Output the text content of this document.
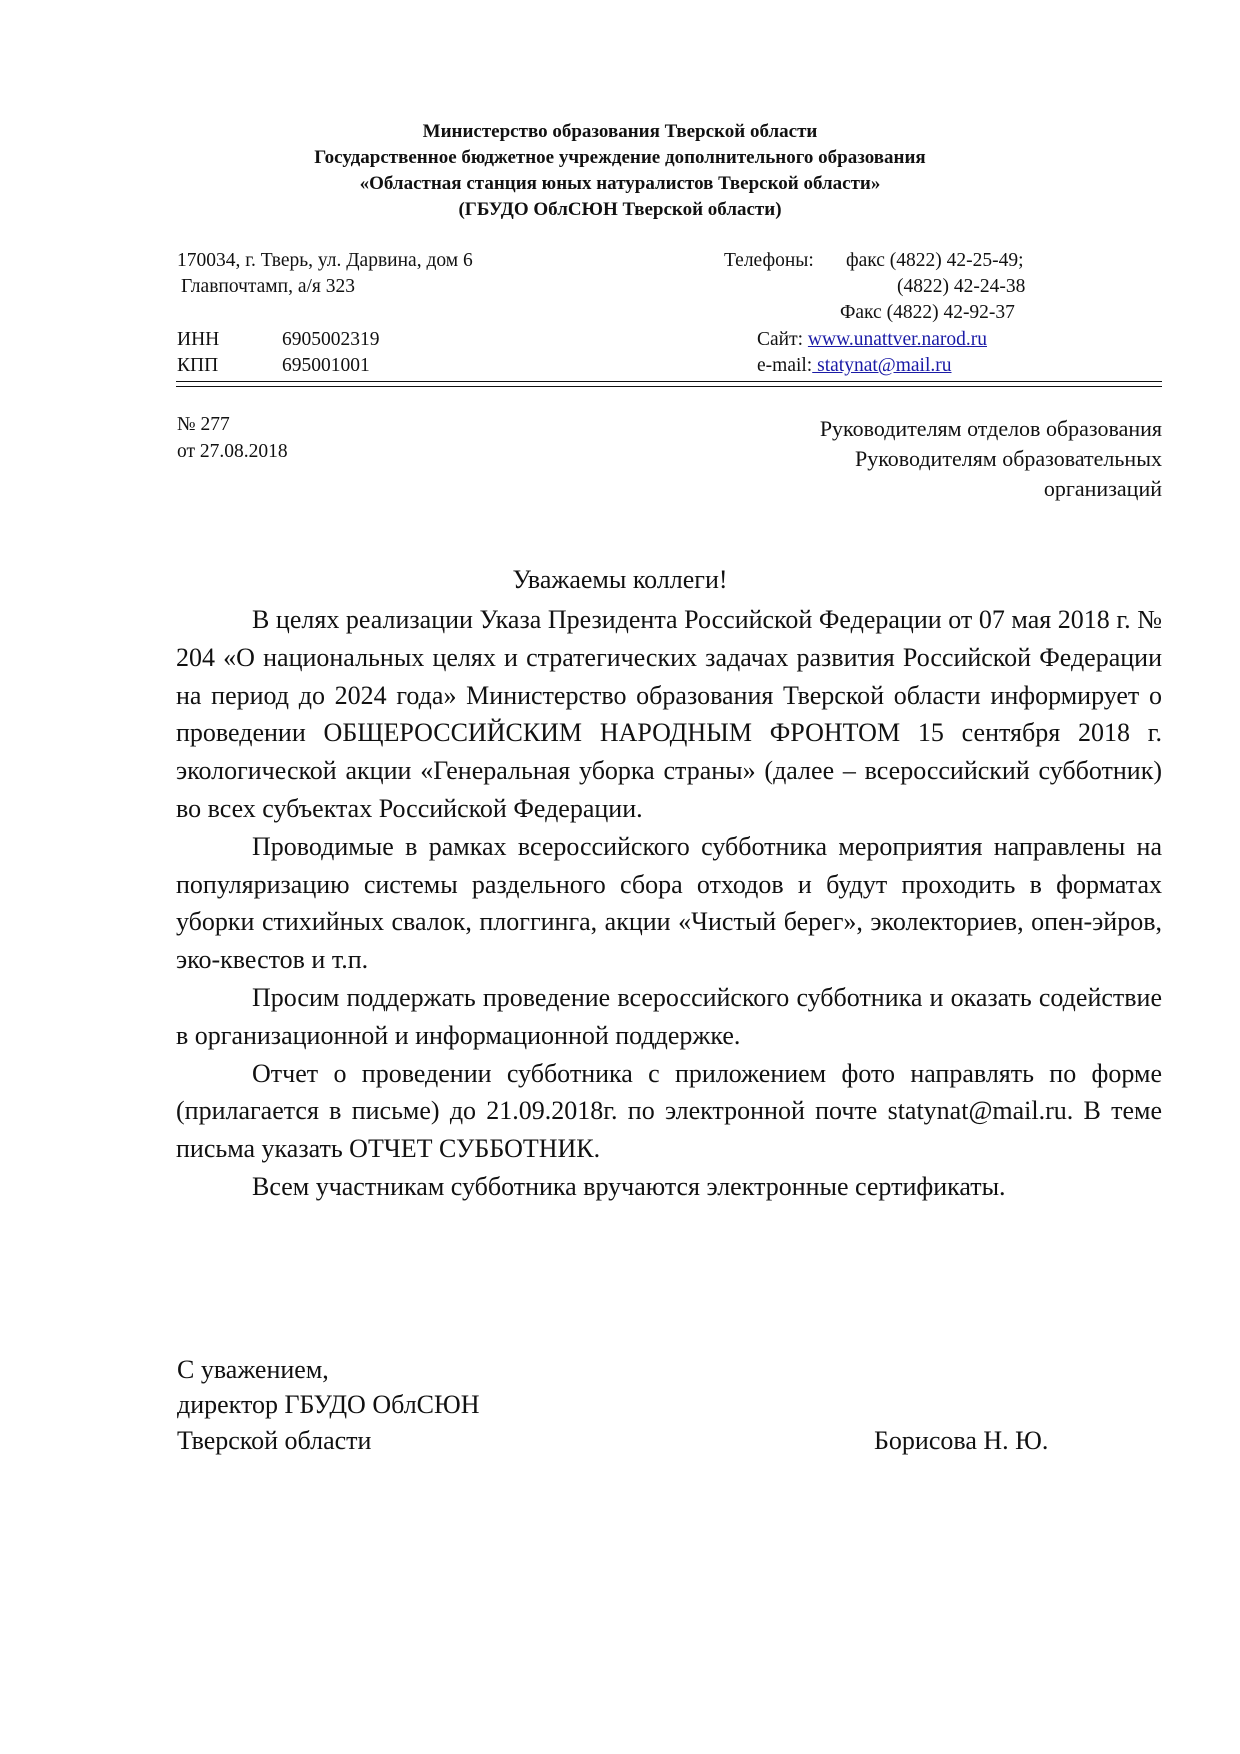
Министерство образования Тверской области
Государственное бюджетное учреждение дополнительного образования
«Областная станция юных натуралистов Тверской области»
(ГБУДО ОблСЮН Тверской области)
170034, г. Тверь, ул. Дарвина, дом 6
Главпочтамп, а/я 323
ИНН	6905002319
КПП	695001001
Телефоны: факс (4822) 42-25-49;
(4822) 42-24-38
Факс (4822) 42-92-37
Сайт: www.unattver.narod.ru
e-mail: statynat@mail.ru
№ 277
от 27.08.2018
Руководителям отделов образования
Руководителям образовательных
организаций
Уважаемы коллеги!

В целях реализации Указа Президента Российской Федерации от 07 мая 2018 г. № 204 «О национальных целях и стратегических задачах развития Российской Федерации на период до 2024 года» Министерство образования Тверской области информирует о проведении ОБЩЕРОССИЙСКИМ НАРОДНЫМ ФРОНТОМ 15 сентября 2018 г. экологической акции «Генеральная уборка страны» (далее – всероссийский субботник) во всех субъектах Российской Федерации.

Проводимые в рамках всероссийского субботника мероприятия направлены на популяризацию системы раздельного сбора отходов и будут проходить в форматах уборки стихийных свалок, плоггинга, акции «Чистый берег», эколекториев, опен-эйров, эко-квестов и т.п.

Просим поддержать проведение всероссийского субботника и оказать содействие в организационной и информационной поддержке.

Отчет о проведении субботника с приложением фото направлять по форме (прилагается в письме) до 21.09.2018г. по электронной почте statynat@mail.ru. В теме письма указать ОТЧЕТ СУББОТНИК.

Всем участникам субботника вручаются электронные сертификаты.

С уважением,
директор ГБУДО ОблСЮН
Тверской области	Борисова Н. Ю.
